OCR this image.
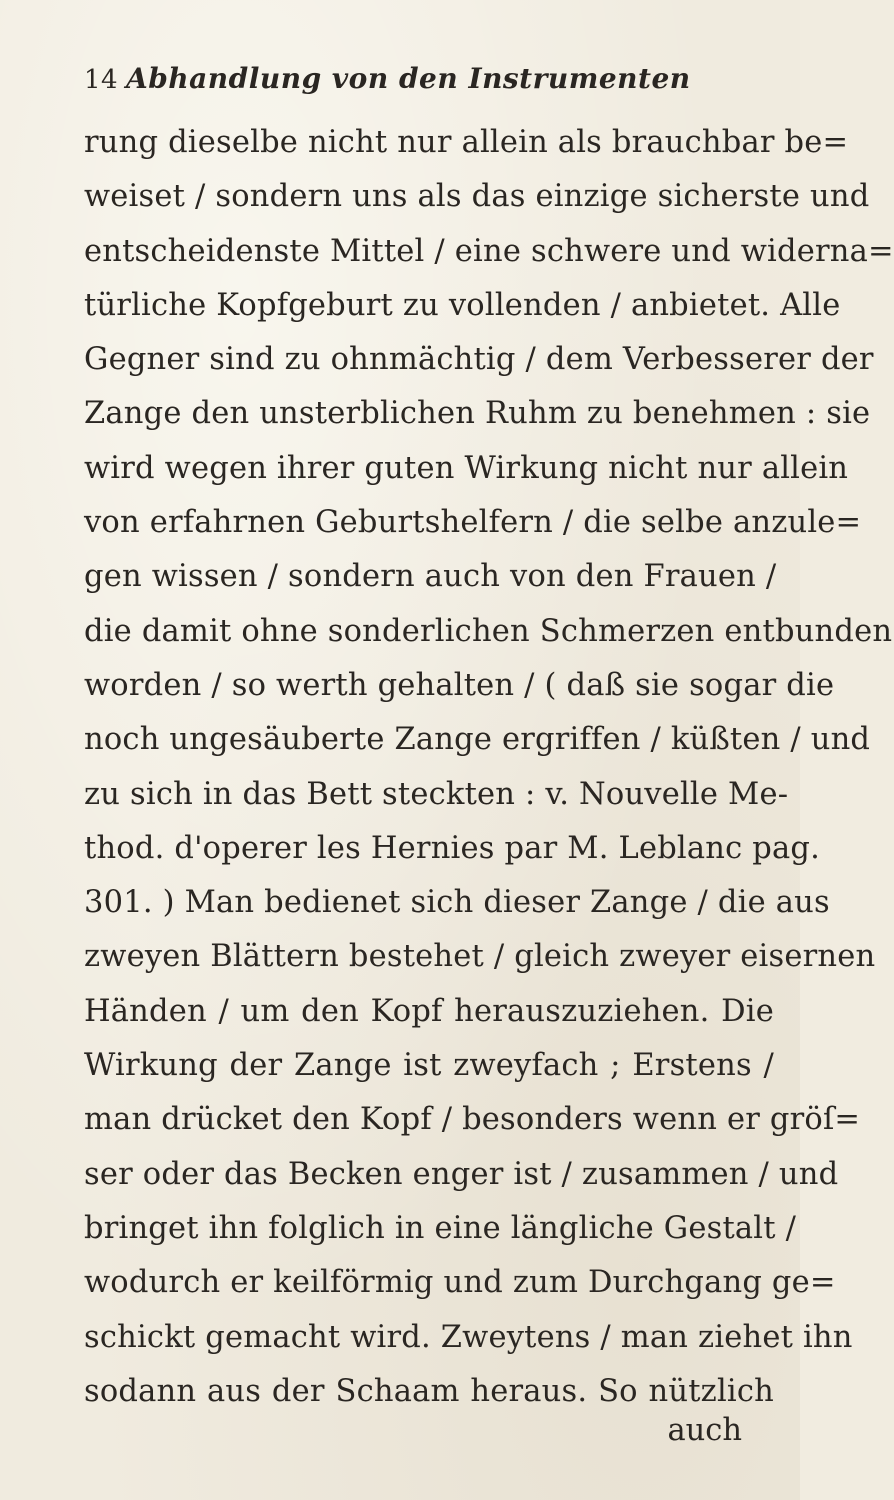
14 Abhandlung von den Instrumenten
rung dieselbe nicht nur allein als brauchbar be=
weiset / sondern uns als das einzige sicherste und
entscheidenste Mittel / eine schwere und widerna=
türliche Kopfgeburt zu vollenden / anbietet. Alle
Gegner sind zu ohnmächtig / dem Verbesserer der
Zange den unsterblichen Ruhm zu benehmen : sie
wird wegen ihrer guten Wirkung nicht nur allein
von erfahrnen Geburtshelfern / die selbe anzule=
gen wissen / sondern auch von den Frauen /
die damit ohne sonderlichen Schmerzen entbunden
worden / so werth gehalten / ( daß sie sogar die
noch ungesäuberte Zange ergriffen / küßten / und
zu sich in das Bett steckten : v. Nouvelle Me-
thod. d'operer les Hernies par M. Leblanc pag.
301. ) Man bedienet sich dieser Zange / die aus
zweyen Blättern bestehet / gleich zweyer eisernen
Händen / um den Kopf herauszuziehen. Die
Wirkung der Zange ist zweyfach ; Erstens /
man drücket den Kopf / besonders wenn er gröſ=
ser oder das Becken enger ist / zusammen / und
bringet ihn folglich in eine längliche Gestalt /
wodurch er keilförmig und zum Durchgang ge=
schickt gemacht wird. Zweytens / man ziehet ihn
sodann aus der Schaam heraus. So nützlich
auch
